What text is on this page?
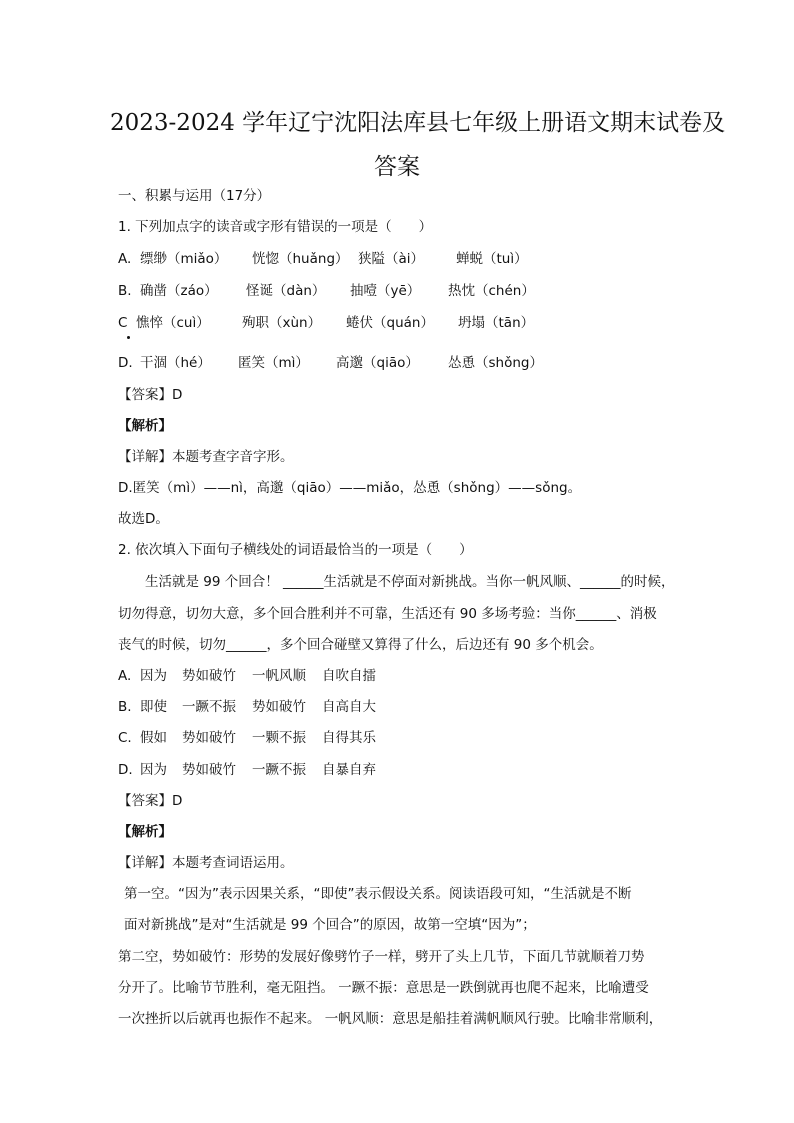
2023-2024 学年辽宁沈阳法库县七年级上册语文期末试卷及
答案
一、积累与运用（17分）
1. 下列加点字的读音或字形有错误的一项是（　　）
A. 缥缈（miǎo） 恍惚（huǎng） 狭隘（ài） 蝉蜕（tuì）
B. 确凿（záo） 怪诞（dàn） 抽噎（yē） 热忱（chén）
C 憔悴（cuì） 殉职（xùn） 蜷伏（quán） 坍塌（tān）
D. 干涸（hé） 匿笑（mì） 高邈（qiāo） 怂恿（shǒng）
【答案】D
【解析】
【详解】本题考查字音字形。
D.匿笑（mì）——nì，高邈（qiāo）——miǎo，怂恿（shǒng）——sǒng。
故选D。
2. 依次填入下面句子横线处的词语最恰当的一项是（　　）
　　生活就是 99 个回合！ ______生活就是不停面对新挑战。当你一帆风顺、______的时候，
切勿得意，切勿大意，多个回合胜利并不可靠，生活还有 90 多场考验：当你______、消极
丧气的时候，切勿______，多个回合碰壁又算得了什么，后边还有 90 多个机会。
A. 因为 势如破竹 一帆风顺 自吹自擂
B. 即使 一蹶不振 势如破竹 自高自大
C. 假如 势如破竹 一颗不振 自得其乐
D. 因为 势如破竹 一蹶不振 自暴自弃
【答案】D
【解析】
【详解】本题考查词语运用。
第一空。“因为”表示因果关系，“即使”表示假设关系。阅读语段可知，“生活就是不断
面对新挑战”是对“生活就是 99 个回合”的原因，故第一空填“因为”；
第二空，势如破竹：形势的发展好像劈竹子一样，劈开了头上几节，下面几节就顺着刀势
分开了。比喻节节胜利，毫无阻挡。 一蹶不振：意思是一跌倒就再也爬不起来，比喻遭受
一次挫折以后就再也振作不起来。 一帆风顺：意思是船挂着满帆顺风行驶。比喻非常顺利，
